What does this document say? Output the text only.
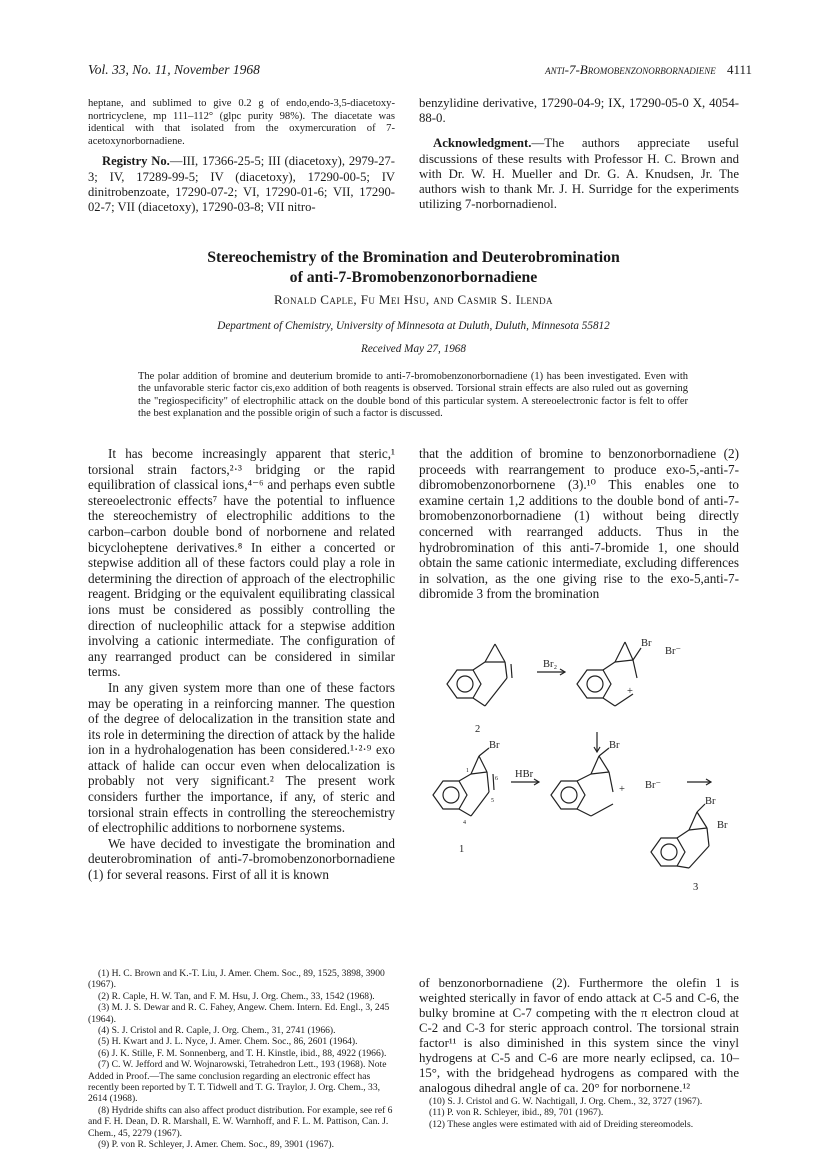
Vol. 33, No. 11, November 1968	anti-7-Bromobenzonorbornadiene 4111
heptane, and sublimed to give 0.2 g of endo,endo-3,5-diacetoxy-nortricyclene, mp 111–112° (glpc purity 98%). The diacetate was identical with that isolated from the oxymercuration of 7-acetoxynorbornadiene.
Registry No.—III, 17366-25-5; III (diacetoxy), 2979-27-3; IV, 17289-99-5; IV (diacetoxy), 17290-00-5; IV dinitrobenzoate, 17290-07-2; VI, 17290-01-6; VII, 17290-02-7; VII (diacetoxy), 17290-03-8; VII nitro-
benzylidine derivative, 17290-04-9; IX, 17290-05-0 X, 4054-88-0.
Acknowledgment.—The authors appreciate useful discussions of these results with Professor H. C. Brown and with Dr. W. H. Mueller and Dr. G. A. Knudsen, Jr. The authors wish to thank Mr. J. H. Surridge for the experiments utilizing 7-norbornadienol.
Stereochemistry of the Bromination and Deuterobromination
of anti-7-Bromobenzonorbornadiene
Ronald Caple, Fu Mei Hsu, and Casmir S. Ilenda
Department of Chemistry, University of Minnesota at Duluth, Duluth, Minnesota 55812
Received May 27, 1968
The polar addition of bromine and deuterium bromide to anti-7-bromobenzonorbornadiene (1) has been investigated. Even with the unfavorable steric factor cis,exo addition of both reagents is observed. Torsional strain effects are also ruled out as governing the "regiospecificity" of electrophilic attack on the double bond of this particular system. A stereoelectronic factor is felt to offer the best explanation and the possible origin of such a factor is discussed.

It has become increasingly apparent that steric,¹ torsional strain factors,²·³ bridging or the rapid equilibration of classical ions,⁴⁻⁶ and perhaps even subtle stereoelectronic effects⁷ have the potential to influence the stereochemistry of electrophilic additions to the carbon–carbon double bond of norbornene and related bicycloheptene derivatives.⁸ In either a concerted or stepwise addition all of these factors could play a role in determining the direction of approach of the electrophilic reagent. Bridging or the equivalent equilibrating classical ions must be considered as possibly controlling the direction of nucleophilic attack for a stepwise addition involving a cationic intermediate. The configuration of any rearranged product can be considered in similar terms.

In any given system more than one of these factors may be operating in a reinforcing manner. The question of the degree of delocalization in the transition state and its role in determining the direction of attack by the halide ion in a hydrohalogenation has been considered.¹·²·⁹ exo attack of halide can occur even when delocalization is probably not very significant.² The present work considers further the importance, if any, of steric and torsional strain effects in controlling the stereochemistry of electrophilic additions to norbornene systems.

We have decided to investigate the bromination and deuterobromination of anti-7-bromobenzonorbornadiene (1) for several reasons. First of all it is known

that the addition of bromine to benzonorbornadiene (2) proceeds with rearrangement to produce exo-5,-anti-7-dibromobenzonorbornene (3).¹⁰ This enables one to examine certain 1,2 additions to the double bond of anti-7-bromobenzonorbornadiene (1) without being directly concerned with rearranged adducts. Thus in the hydrobromination of this anti-7-bromide 1, one should obtain the same cationic intermediate, excluding differences in solvation, as the one giving rise to the exo-5,anti-7-dibromide 3 from the bromination
Br₂
2
Br
Br⁻
+
Br
HBr
1
Br
+ Br⁻
Br
Br
3
1
4
5
6
(1) H. C. Brown and K.-T. Liu, J. Amer. Chem. Soc., 89, 1525, 3898, 3900 (1967).
(2) R. Caple, H. W. Tan, and F. M. Hsu, J. Org. Chem., 33, 1542 (1968).
(3) M. J. S. Dewar and R. C. Fahey, Angew. Chem. Intern. Ed. Engl., 3, 245 (1964).
(4) S. J. Cristol and R. Caple, J. Org. Chem., 31, 2741 (1966).
(5) H. Kwart and J. L. Nyce, J. Amer. Chem. Soc., 86, 2601 (1964).
(6) J. K. Stille, F. M. Sonnenberg, and T. H. Kinstle, ibid., 88, 4922 (1966).
(7) C. W. Jefford and W. Wojnarowski, Tetrahedron Lett., 193 (1968). Note Added in Proof.—The same conclusion regarding an electronic effect has recently been reported by T. T. Tidwell and T. G. Traylor, J. Org. Chem., 33, 2614 (1968).
(8) Hydride shifts can also affect product distribution. For example, see ref 6 and F. H. Dean, D. R. Marshall, E. W. Warnhoff, and F. L. M. Pattison, Can. J. Chem., 45, 2279 (1967).
(9) P. von R. Schleyer, J. Amer. Chem. Soc., 89, 3901 (1967).
of benzonorbornadiene (2). Furthermore the olefin 1 is weighted sterically in favor of endo attack at C-5 and C-6, the bulky bromine at C-7 competing with the π electron cloud at C-2 and C-3 for steric approach control. The torsional strain factor¹¹ is also diminished in this system since the vinyl hydrogens at C-5 and C-6 are more nearly eclipsed, ca. 10–15°, with the bridgehead hydrogens as compared with the analogous dihedral angle of ca. 20° for norbornene.¹²
(10) S. J. Cristol and G. W. Nachtigall, J. Org. Chem., 32, 3727 (1967).
(11) P. von R. Schleyer, ibid., 89, 701 (1967).
(12) These angles were estimated with aid of Dreiding stereomodels.
